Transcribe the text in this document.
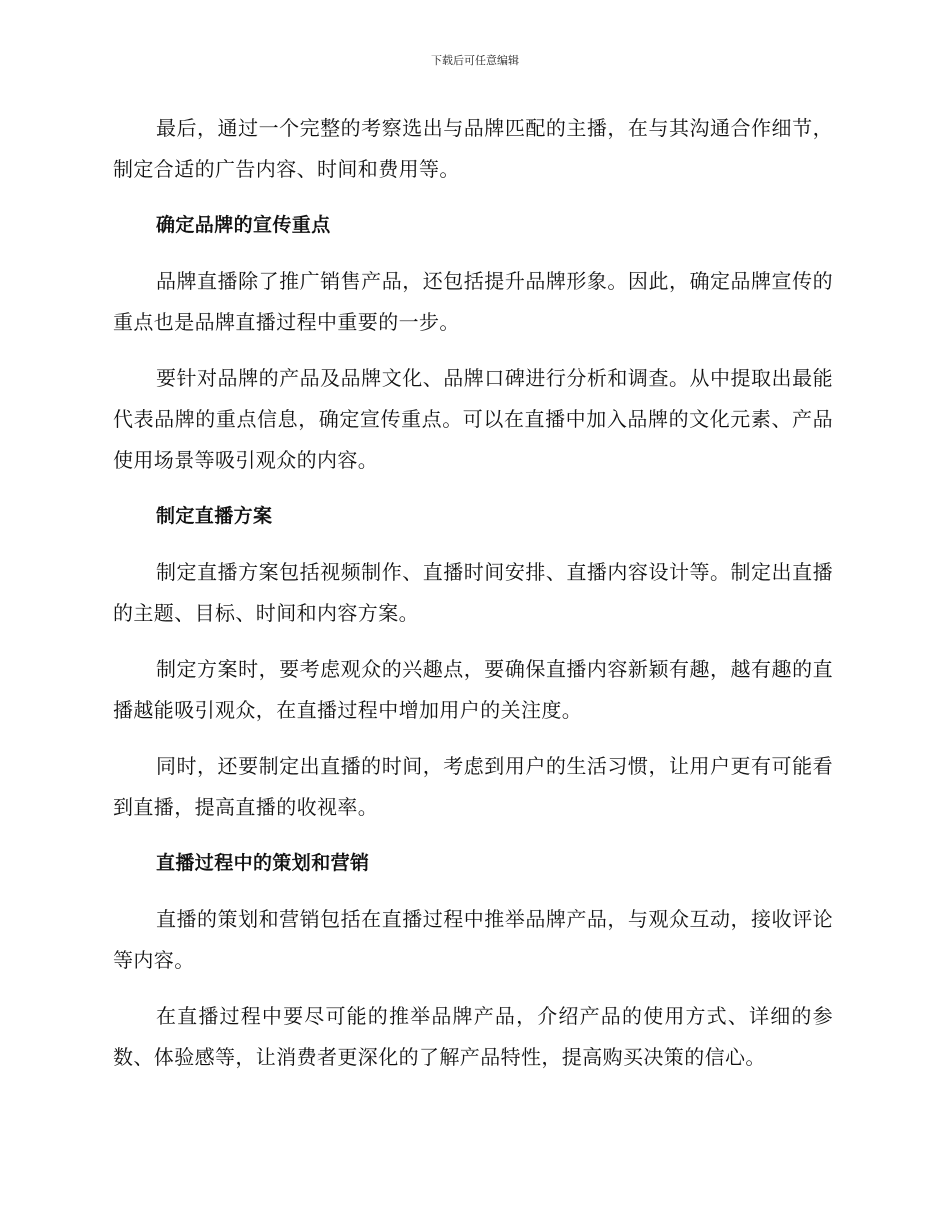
下载后可任意编辑

最后，通过一个完整的考察选出与品牌匹配的主播，在与其沟通合作细节，制定合适的广告内容、时间和费用等。

确定品牌的宣传重点

品牌直播除了推广销售产品，还包括提升品牌形象。因此，确定品牌宣传的重点也是品牌直播过程中重要的一步。

要针对品牌的产品及品牌文化、品牌口碑进行分析和调查。从中提取出最能代表品牌的重点信息，确定宣传重点。可以在直播中加入品牌的文化元素、产品使用场景等吸引观众的内容。

制定直播方案

制定直播方案包括视频制作、直播时间安排、直播内容设计等。制定出直播的主题、目标、时间和内容方案。

制定方案时，要考虑观众的兴趣点，要确保直播内容新颖有趣，越有趣的直播越能吸引观众，在直播过程中增加用户的关注度。

同时，还要制定出直播的时间，考虑到用户的生活习惯，让用户更有可能看到直播，提高直播的收视率。

直播过程中的策划和营销

直播的策划和营销包括在直播过程中推举品牌产品，与观众互动，接收评论等内容。

在直播过程中要尽可能的推举品牌产品，介绍产品的使用方式、详细的参数、体验感等，让消费者更深化的了解产品特性，提高购买决策的信心。
